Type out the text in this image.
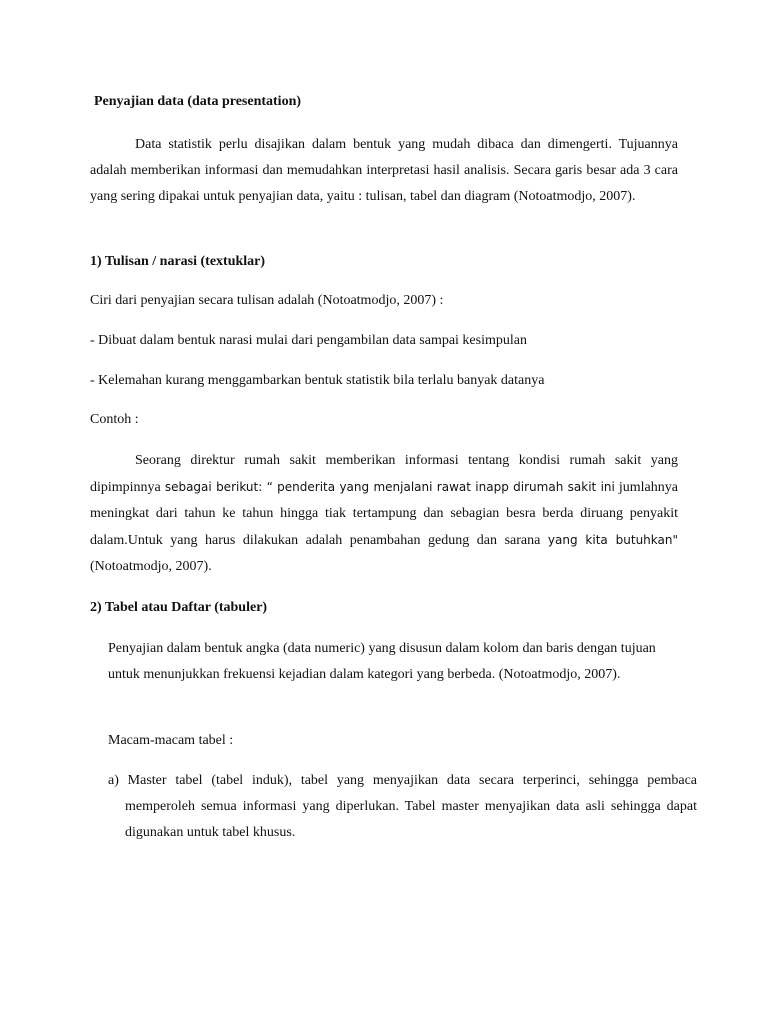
Penyajian data (data presentation)

Data statistik perlu disajikan dalam bentuk yang mudah dibaca dan dimengerti. Tujuannya adalah memberikan informasi dan memudahkan interpretasi hasil analisis. Secara garis besar ada 3 cara yang sering dipakai untuk penyajian data, yaitu : tulisan, tabel dan diagram (Notoatmodjo, 2007).

1) Tulisan / narasi (textuklar)

Ciri dari penyajian secara tulisan adalah (Notoatmodjo, 2007) :

- Dibuat dalam bentuk narasi mulai dari pengambilan data sampai kesimpulan

- Kelemahan kurang menggambarkan bentuk statistik bila terlalu banyak datanya

Contoh :

Seorang direktur rumah sakit memberikan informasi tentang kondisi rumah sakit yang dipimpinnya sebagai berikut: “ penderita yang menjalani rawat inapp dirumah sakit ini jumlahnya meningkat dari tahun ke tahun hingga tiak tertampung dan sebagian besra berda diruang penyakit dalam.Untuk yang harus dilakukan adalah penambahan gedung dan sarana yang kita butuhkan" (Notoatmodjo, 2007).

2) Tabel atau Daftar (tabuler)

Penyajian dalam bentuk angka (data numeric) yang disusun dalam kolom dan baris dengan tujuan untuk menunjukkan frekuensi kejadian dalam kategori yang berbeda. (Notoatmodjo, 2007).

Macam-macam tabel :

a) Master tabel (tabel induk), tabel yang menyajikan data secara terperinci, sehingga pembaca memperoleh semua informasi yang diperlukan. Tabel master menyajikan data asli sehingga dapat digunakan untuk tabel khusus.
